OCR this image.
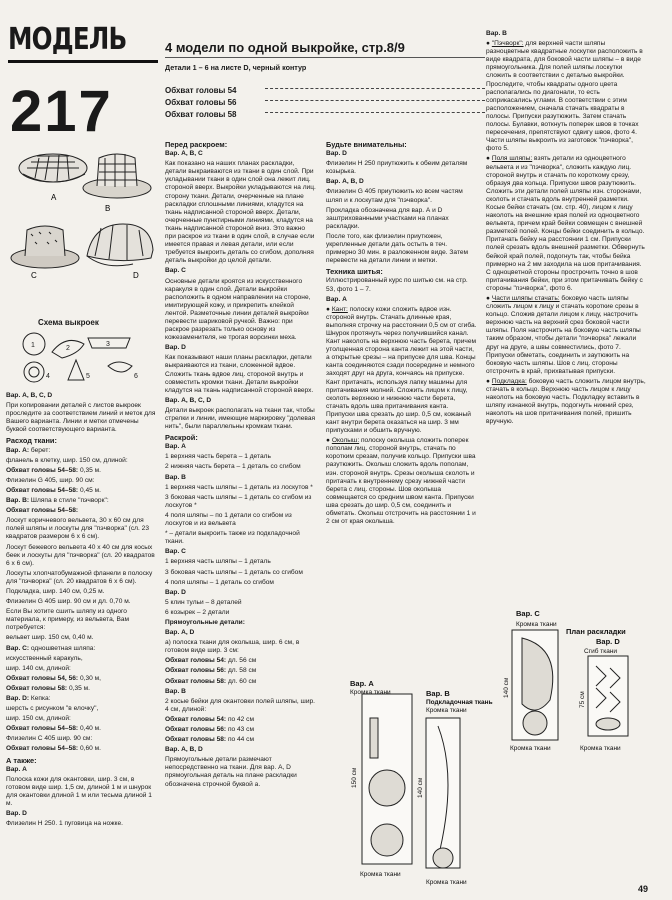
МОДЕЛЬ
217
4 модели по одной выкройке, стр.8/9
Детали 1 – 6 на листе D, черный контур
Обхват головы 54
Обхват головы 56
Обхват головы 58
A
B
C	D
Схема выкроек
1	2
3
4	5	6

Вар. А, В, С, D

При копировании деталей с листов выкроек проследите за соответствием линий и меток для Вашего варианта. Линии и метки отмечены буквой соответствующего варианта.

Расход ткани:
Вар. А: берет:

фланель в клетку, шир. 150 см, длиной:

Обхват головы 54–58: 0,35 м.

Флизелин G 405, шир. 90 см:

Обхват головы 54–58: 0,45 м.

Вар. В: Шляпа в стиле "пэчворк":

Обхват головы 54–58:

Лоскут коричневого вельвета, 30 х 60 см для полей шляпы и лоскуты для "пэчворка" (сл. 23 квадратов размером 6 х 6 см).

Лоскут бежевого вельвета 40 х 40 см для косых беек и лоскуты для "пэчворка" (сл. 20 квадратов 6 х 6 см).

Лоскуты хлопчатобумажной фланели в полоску для "пэчворка" (сл. 20 квадратов 6 х 6 см).

Подкладка, шир. 140 см, 0,25 м.

Флизелин G 405 шир. 90 см и дл. 0,70 м.

Если Вы хотите сшить шляпу из одного материала, к примеру, из вельвета, Вам потребуется:

вельвет шир. 150 см, 0,40 м.

Вар. С: одношветная шляпа:

искусственный каракуль,

шир. 140 см, длиной:

Обхват головы 54, 56: 0,30 м,

Обхват головы 58: 0,35 м.

Вар. D: Кепка:

шерсть с рисунком "в елочку",

шир. 150 см, длиной:

Обхват головы 54–58: 0,40 м.

Флизелин С 405 шир. 90 см:

Обхват головы 54–58: 0,60 м.

А также:
Вар. А

Полоска кожи для окантовки, шир. 3 см, в готовом виде шир. 1,5 см, длиной 1 м и шнурок для окантовки длиной 1 м или тесьма длиной 1 м.

Вар. D

Флизелин Н 250. 1 пуговица на ножке.

Перед раскроем:
Вар. А, В, С

Как показано на наших планах раскладки, детали выкраиваются из ткани в один слой. При укладывании ткани в один слой она лежит лиц. стороной вверх. Выкройки укладываются на лиц. сторону ткани. Детали, очерченные на плане раскладки сплошными линиями, кладутся на ткань надписанной стороной вверх. Детали, очерченные пунктирными линиями, кладутся на ткань надписанной стороной вниз. Это важно при раскрое из ткани в один слой, в случае если имеется правая и левая детали, или если требуется выкроить деталь со сгибом, дополняя деталь выкройки до целой детали.

Вар. С

Основные детали кроятся из искусственного каракуля в один слой. Детали выкройки расположить в одном направлении на стороне, имитирующей кожу, и прикрепить клейкой лентой. Разметочные линии деталей выкройки перевести шариковой ручкой. Важно: при раскрое разрезать только основу из кожезаменителя, не трогая ворсинки меха.

Вар. D

Как показывают наши планы раскладки, детали выкраиваются из ткани, сложенной вдвое. Сложить ткань вдвое лиц. стороной внутрь и совместить кромки ткани. Детали выкройки кладутся на ткань надписанной стороной вверх.

Вар. А, В, С, D

Детали выкроек располагать на ткани так, чтобы стрелки и линии, имеющие маркировку "долевая нить", были параллельны кромкам ткани.

Раскрой:
Вар. А

1 верхняя часть берета – 1 деталь

2 нижняя часть берета – 1 деталь со сгибом

Вар. В

1 верхняя часть шляпы – 1 деталь из лоскутов *

3 боковая часть шляпы – 1 деталь со сгибом из лоскутов *

4 поля шляпы – по 1 детали со сгибом из лоскутов и из вельвета

* – детали выкроить также из подкладочной ткани.

Вар. С

1 верхняя часть шляпы – 1 деталь

3 боковая часть шляпы – 1 деталь со сгибом

4 поля шляпы – 1 деталь со сгибом

Вар. D

5 клин тульи – 8 деталей

6 козырек – 2 детали

Прямоугольные детали:

Вар. А, D

а) полоска ткани для околыша, шир. 6 см, в готовом виде шир. 3 см:

Обхват головы 54: дл. 56 см

Обхват головы 56: дл. 58 см

Обхват головы 58: дл. 60 см

Вар. В

2 косые бейки для окантовки полей шляпы, шир. 4 см, длиной:

Обхват головы 54: по 42 см

Обхват головы 56: по 43 см

Обхват головы 58: по 44 см

Вар. А, В, D

Прямоугольные детали размечают непосредственно на ткани. Для вар. А, D прямоугольная деталь на плане раскладки обозначена строчной буквой а.

Будьте внимательны:
Вар. D

Флизелин Н 250 приутюжить к обеим деталям козырька.

Вар. А, В, D

Флизелин G 405 приутюжить ко всем частям шляп и к лоскутам для "пэчворка".

Прокладка обозначена для вар. А и D заштрихованными участками на планах раскладки.

После того, как флизелин приутюжен, укрепленные детали дать остыть в теч. примерно 30 мин. в разложенном виде. Затем перевести на детали линии и метки.

Техника шитья:
Иллюстрированный курс по шитью см. на стр. 53, фото 1 – 7.

Вар. А

● Кант: полоску кожи сложить вдвое изн. стороной внутрь. Стачать длинные края, выполняя строчку на расстоянии 0,5 см от сгиба. Шнурок протянуть через получившийся канал. Кант наколоть на верхнюю часть берета, причем утолщенная сторона канта лежит на этой части, а открытые срезы – на припуске для шва. Концы канта соединяются сзади посередине и немного заходят друг на друга, кончаясь на припуске. Кант притачать, используя лапку машины для притачивания молний. Сложить лицом к лицу, сколоть верхнюю и нижнюю части берета, стачать вдоль шва притачивания канта. Припуски шва срезать до шир. 0,5 см, кожаный кант внутри берета оказаться на шир. 3 мм припусками и обшить вручную.

● Околыш: полоску околыша сложить поперек пополам лиц. стороной внутрь, стачать по коротким срезам, получив кольцо. Припуски шва разутюжить. Околыш сложить вдоль пополам, изн. стороной внутрь. Срезы околыша сколоть и притачать к внутреннему срезу нижней части берета с лиц. стороны. Шов околыша совмещается со средним швом канта. Припуски шва срезать до шир. 0,5 см, соединить и обметать. Околыш отстрочить на расстоянии 1 и 2 см от края околыша.

Вар. В

● "Пэчворк": для верхней части шляпы разноцветные квадратные лоскутки расположить в виде квадрата, для боковой части шляпы – в виде прямоугольника. Для полей шляпы лоскутки сложить в соответствии с деталью выкройки. Проследите, чтобы квадраты одного цвета располагались по диагонали, то есть соприкасались углами. В соответствии с этим расположением, сначала стачать квадраты в полосы. Припуски разутюжить. Затем стачать полосы. Булавки, воткнуть поперек швов в точках пересечения, препятствуют сдвигу швов, фото 4. Части шляпы выкроить из заготовок "пэчворка", фото 5.

● Поля шляпы: взять детали из одноцветного вельвета и из "пэчворка", сложить каждую лиц. стороной внутрь и стачать по короткому срезу, образуя два кольца. Припуски швов разутюжить. Сложить эти детали полей шляпы изн. сторонами, сколоть и стачать вдоль внутренней разметки. Косые бейки стачать (см. стр. 40), лицом к лицу наколоть на внешние края полей из одноцветного вельвета, причем край бейки совмещен с внешней разметкой полей. Концы бейки соединить в кольцо. Притачать бейку на расстоянии 1 см. Припуски полей срезать вдоль внешней разметки. Обвернуть бейкой край полей, подогнуть так, чтобы бейка примерно на 2 мм заходила на шов притачивания. С одноцветной стороны прострочить точно в шов притачивания бейки, при этом притачивать бейку с стороны "пэчворка", фото 6.

● Части шляпы стачать: боковую часть шляпы сложить лицом к лицу и стачать короткие срезы в кольцо. Сложив детали лицом к лицу, настрочить верхнюю часть на верхний срез боковой части шляпы. Поля настрочить на боковую часть шляпы таким образом, чтобы детали "пэчворка" лежали друг на друге, а швы совместились, фото 7. Припуски обметать, соединить и заутюжить на боковую часть шляпы. Шов с лиц. стороны отстрочить в край, прихватывая припуски.

● Подкладка: боковую часть сложить лицом внутрь, стачать в кольцо. Верхнюю часть лицом к лицу наколоть на боковую часть. Подкладку вставить в шляпу изнанкой внутрь, подогнуть нижний срез, наколоть на шов притачивания полей, пришить вручную.

Вар. А
Кромка ткани
Кромка ткани
150 см
Вар. В
Подкладочная ткань
Кромка ткани
Кромка ткани
140 см
Вар. С
Кромка ткани
Кромка ткани
140 см
План раскладки
Вар. D
Сгиб ткани
Кромка ткани
75 см
49
